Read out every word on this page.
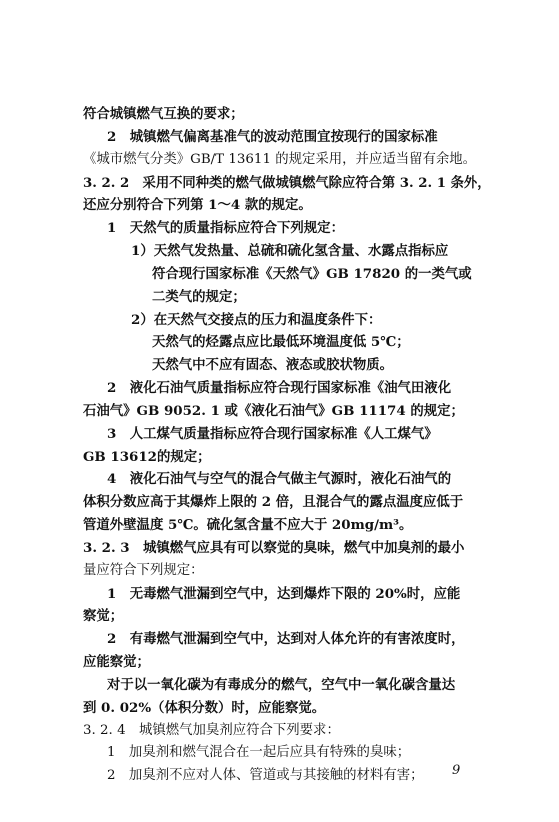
符合城镇燃气互换的要求；
2　城镇燃气偏离基准气的波动范围宜按现行的国家标准
《城市燃气分类》GB/T 13611 的规定采用，并应适当留有余地。
3. 2. 2　采用不同种类的燃气做城镇燃气除应符合第 3. 2. 1 条外，
还应分别符合下列第 1～4 款的规定。
1　天然气的质量指标应符合下列规定：
1）天然气发热量、总硫和硫化氢含量、水露点指标应
符合现行国家标准《天然气》GB 17820 的一类气或
二类气的规定；
2）在天然气交接点的压力和温度条件下：
天然气的烃露点应比最低环境温度低 5℃；
天然气中不应有固态、液态或胶状物质。
2　液化石油气质量指标应符合现行国家标准《油气田液化
石油气》GB 9052. 1 或《液化石油气》GB 11174 的规定；
3　人工煤气质量指标应符合现行国家标准《人工煤气》
GB 13612的规定；
4　液化石油气与空气的混合气做主气源时，液化石油气的
体积分数应高于其爆炸上限的 2 倍，且混合气的露点温度应低于
管道外壁温度 5℃。硫化氢含量不应大于 20mg/m³。
3. 2. 3　城镇燃气应具有可以察觉的臭味，燃气中加臭剂的最小
量应符合下列规定：
1　无毒燃气泄漏到空气中，达到爆炸下限的 20%时，应能
察觉；
2　有毒燃气泄漏到空气中，达到对人体允许的有害浓度时，
应能察觉；
对于以一氧化碳为有毒成分的燃气，空气中一氧化碳含量达
到 0. 02%（体积分数）时，应能察觉。
3. 2. 4　城镇燃气加臭剂应符合下列要求：
1　加臭剂和燃气混合在一起后应具有特殊的臭味；
2　加臭剂不应对人体、管道或与其接触的材料有害； 9
